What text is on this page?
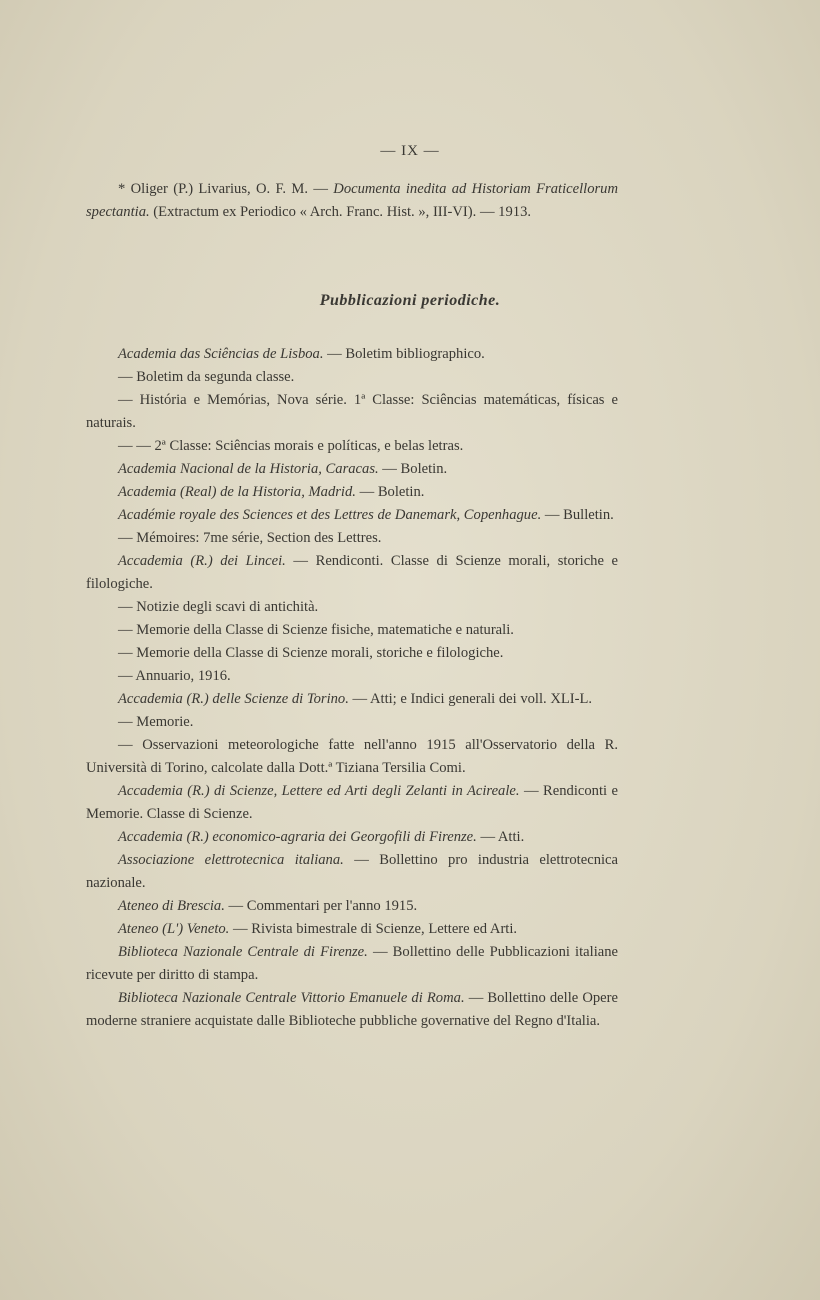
— IX —

* Oliger (P.) Livarius, O. F. M. — Documenta inedita ad Historiam Fraticellorum spectantia. (Extractum ex Periodico « Arch. Franc. Hist. », III-VI). — 1913.

Pubblicazioni periodiche.

Academia das Sciências de Lisboa. — Boletim bibliographico.

— Boletim da segunda classe.

— História e Memórias, Nova série. 1ª Classe: Sciências matemáticas, físicas e naturais.

— — 2ª Classe: Sciências morais e políticas, e belas letras.

Academia Nacional de la Historia, Caracas. — Boletin.

Academia (Real) de la Historia, Madrid. — Boletin.

Académie royale des Sciences et des Lettres de Danemark, Copenhague. — Bulletin.

— Mémoires: 7me série, Section des Lettres.

Accademia (R.) dei Lincei. — Rendiconti. Classe di Scienze morali, storiche e filologiche.

— Notizie degli scavi di antichità.

— Memorie della Classe di Scienze fisiche, matematiche e naturali.

— Memorie della Classe di Scienze morali, storiche e filologiche.

— Annuario, 1916.

Accademia (R.) delle Scienze di Torino. — Atti; e Indici generali dei voll. XLI-L.

— Memorie.

— Osservazioni meteorologiche fatte nell'anno 1915 all'Osservatorio della R. Università di Torino, calcolate dalla Dott.ª Tiziana Tersilia Comi.

Accademia (R.) di Scienze, Lettere ed Arti degli Zelanti in Acireale. — Rendiconti e Memorie. Classe di Scienze.

Accademia (R.) economico-agraria dei Georgofili di Firenze. — Atti.

Associazione elettrotecnica italiana. — Bollettino pro industria elettrotecnica nazionale.

Ateneo di Brescia. — Commentari per l'anno 1915.

Ateneo (L') Veneto. — Rivista bimestrale di Scienze, Lettere ed Arti.

Biblioteca Nazionale Centrale di Firenze. — Bollettino delle Pubblicazioni italiane ricevute per diritto di stampa.

Biblioteca Nazionale Centrale Vittorio Emanuele di Roma. — Bollettino delle Opere moderne straniere acquistate dalle Biblioteche pubbliche governative del Regno d'Italia.
